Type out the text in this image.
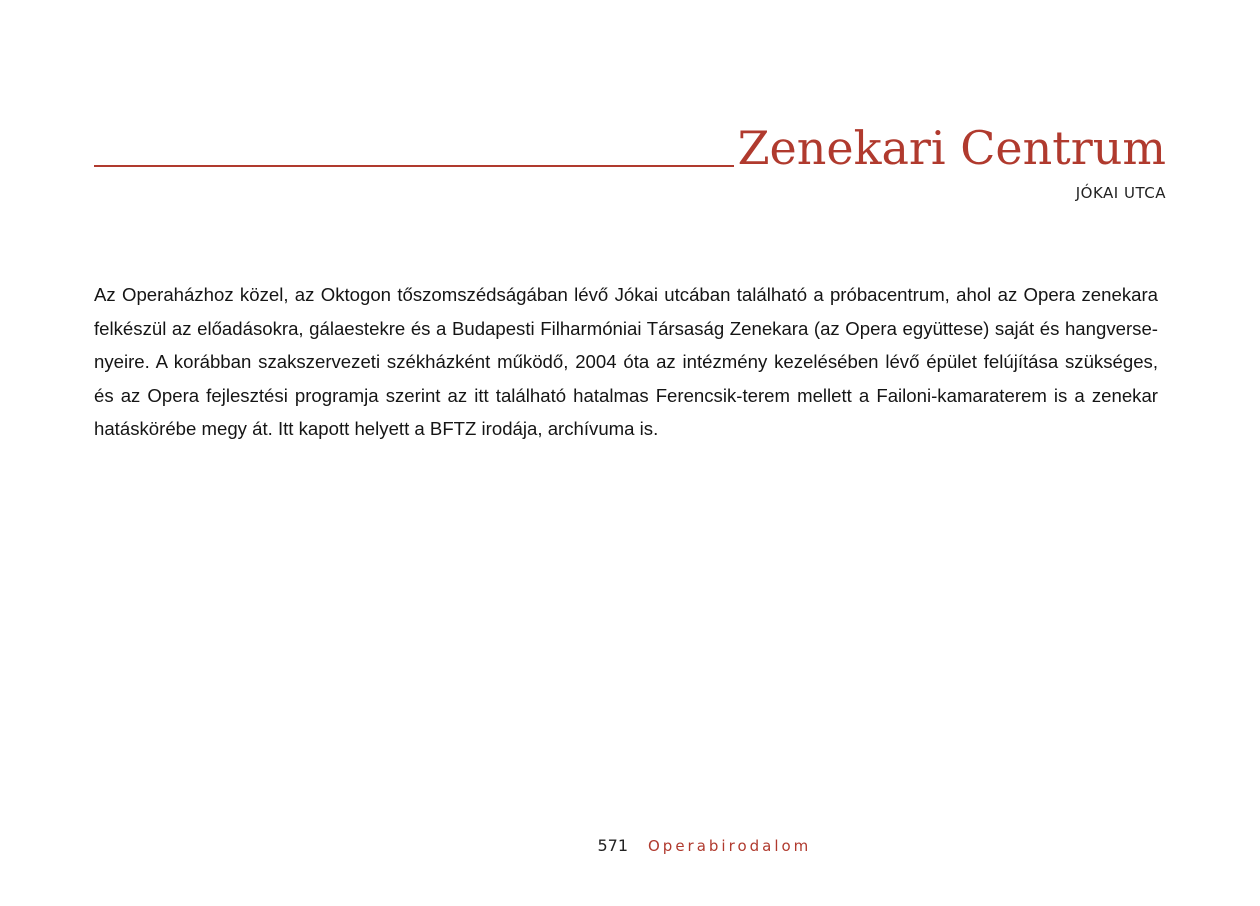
Zenekari Centrum
JÓKAI UTCA

Az Operaházhoz közel, az Oktogon tőszomszédságában lévő Jókai utcában található a próbacentrum, ahol az Opera zenekara felkészül az előadásokra, gálaestekre és a Budapesti Filharmóniai Társaság Zenekara (az Opera együttese) saját és hangversenyeire. A korábban szakszervezeti székházként működő, 2004 óta az intézmény kezelésében lévő épület felújítása szükséges, és az Opera fejlesztési programja szerint az itt található hatalmas Ferencsik-terem mellett a Failoni-kamaraterem is a zenekar hatáskörébe megy át. Itt kapott helyett a BFTZ irodája, archívuma is.

571 Operabirodalom
